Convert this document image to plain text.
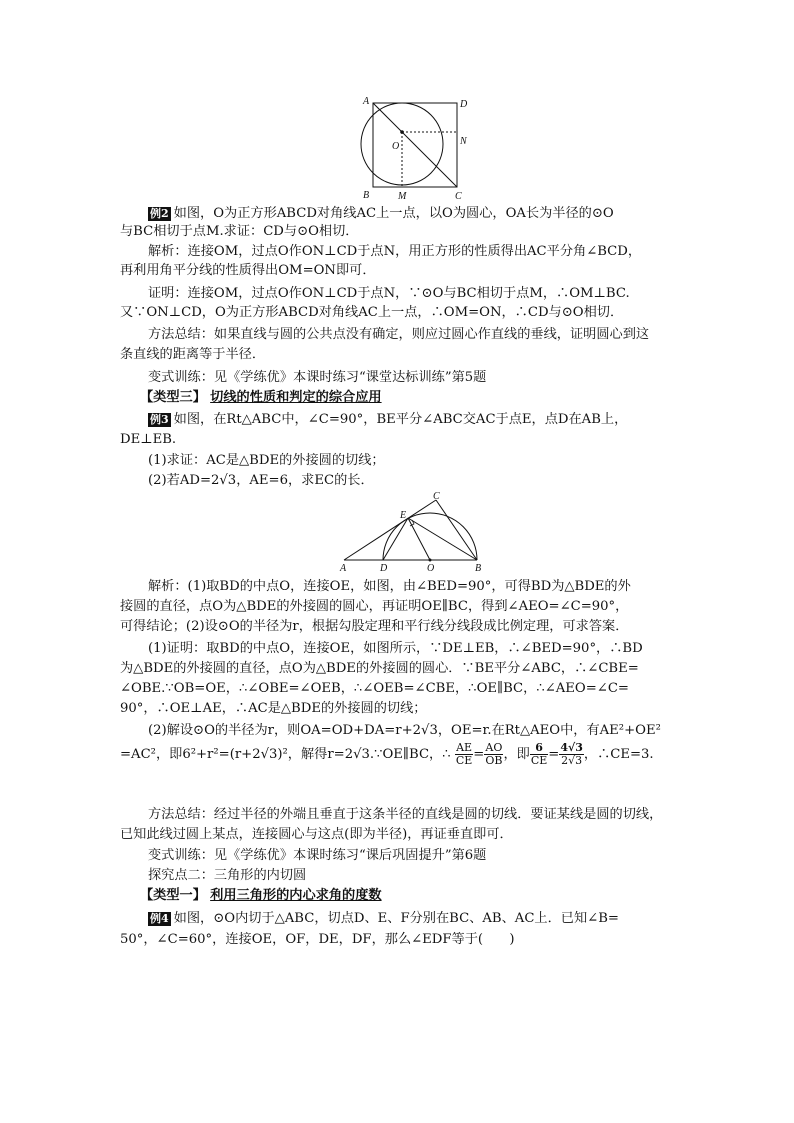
A	D
O	N
B	M	C
例2 如图，O为正方形ABCD对角线AC上一点，以O为圆心，OA长为半径的⊙O
与BC相切于点M.求证：CD与⊙O相切．
解析：连接OM，过点O作ON⊥CD于点N，用正方形的性质得出AC平分角∠BCD，
再利用角平分线的性质得出OM=ON即可．
证明：连接OM，过点O作ON⊥CD于点N，∵⊙O与BC相切于点M，∴OM⊥BC.
又∵ON⊥CD，O为正方形ABCD对角线AC上一点，∴OM=ON，∴CD与⊙O相切．
方法总结：如果直线与圆的公共点没有确定，则应过圆心作直线的垂线，证明圆心到这
条直线的距离等于半径．
变式训练：见《学练优》本课时练习“课堂达标训练”第5题
【类型三】 切线的性质和判定的综合应用
例3 如图，在Rt△ABC中，∠C=90°，BE平分∠ABC交AC于点E，点D在AB上，
DE⊥EB.
(1)求证：AC是△BDE的外接圆的切线；
(2)若AD=2√3，AE=6，求EC的长．
C
E
A	D	O	B
解析：(1)取BD的中点O，连接OE，如图，由∠BED=90°，可得BD为△BDE的外
接圆的直径，点O为△BDE的外接圆的圆心，再证明OE∥BC，得到∠AEO=∠C=90°，
可得结论；(2)设⊙O的半径为r，根据勾股定理和平行线分线段成比例定理，可求答案．
(1)证明：取BD的中点O，连接OE，如图所示，∵DE⊥EB，∴∠BED=90°，∴BD
为△BDE的外接圆的直径，点O为△BDE的外接圆的圆心．∵BE平分∠ABC，∴∠CBE=
∠OBE.∵OB=OE，∴∠OBE=∠OEB，∴∠OEB=∠CBE，∴OE∥BC，∴∠AEO=∠C=
90°，∴OE⊥AE，∴AC是△BDE的外接圆的切线；
(2)解设⊙O的半径为r，则OA=OD+DA=r+2√3，OE=r.在Rt△AEO中，有AE²+OE²
=AC²，即6²+r²=(r+2√3)²，解得r=2√3.∵OE∥BC，∴ $\frac{AE}{CE} = \frac{AO}{OB}$ ，即 $\frac{6}{CE} = \frac{4√3}{2√3}$ ，∴CE=3.
方法总结：经过半径的外端且垂直于这条半径的直线是圆的切线．要证某线是圆的切线，
已知此线过圆上某点，连接圆心与这点(即为半径)，再证垂直即可．
变式训练：见《学练优》本课时练习“课后巩固提升”第6题
探究点二：三角形的内切圆
【类型一】 利用三角形的内心求角的度数
例4 如图，⊙O内切于△ABC，切点D、E、F分别在BC、AB、AC上．已知∠B=
50°，∠C=60°，连接OE，OF，DE，DF，那么∠EDF等于(　　)
